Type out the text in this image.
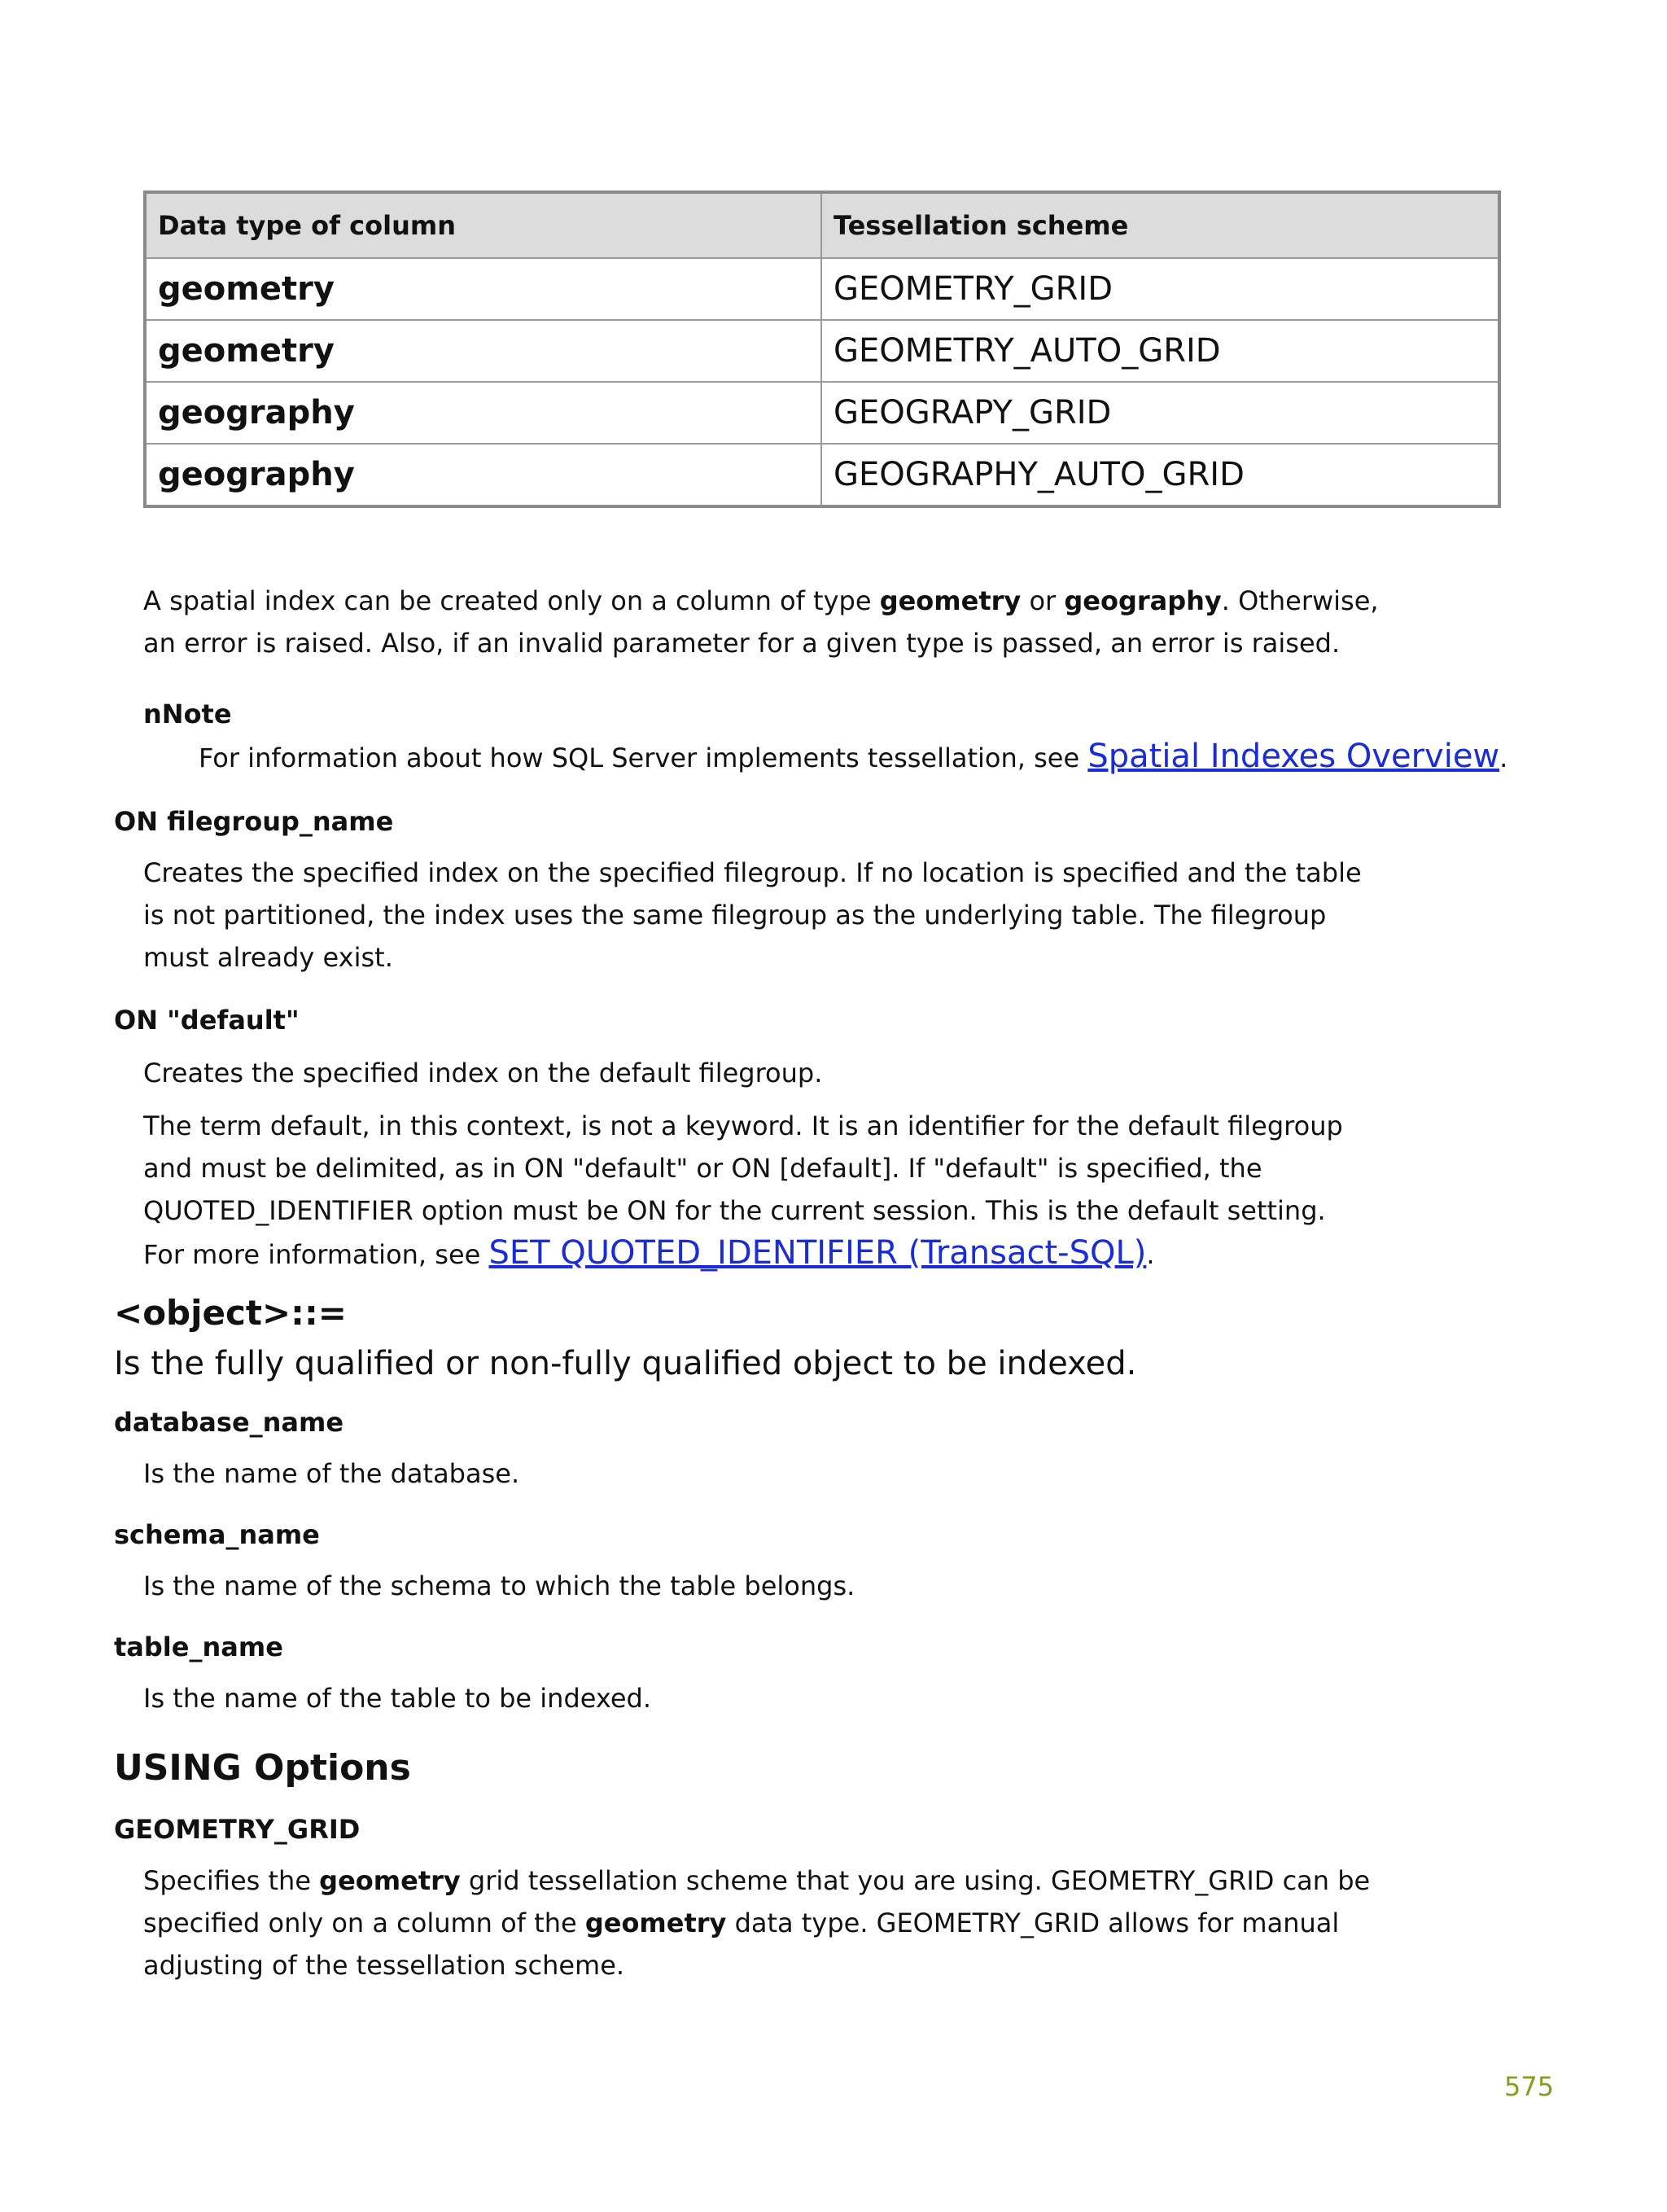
Data type of column	Tessellation scheme
geometry	GEOMETRY_GRID
geometry	GEOMETRY_AUTO_GRID
geography	GEOGRAPY_GRID
geography	GEOGRAPHY_AUTO_GRID
A spatial index can be created only on a column of type geometry or geography. Otherwise,
an error is raised. Also, if an invalid parameter for a given type is passed, an error is raised.
nNote
For information about how SQL Server implements tessellation, see Spatial Indexes Overview.
ON filegroup_name
Creates the specified index on the specified filegroup. If no location is specified and the table
is not partitioned, the index uses the same filegroup as the underlying table. The filegroup
must already exist.
ON "default"
Creates the specified index on the default filegroup.
The term default, in this context, is not a keyword. It is an identifier for the default filegroup
and must be delimited, as in ON "default" or ON [default]. If "default" is specified, the
QUOTED_IDENTIFIER option must be ON for the current session. This is the default setting.
For more information, see SET QUOTED_IDENTIFIER (Transact-SQL).
<object>::=
Is the fully qualified or non-fully qualified object to be indexed.
database_name
Is the name of the database.
schema_name
Is the name of the schema to which the table belongs.
table_name
Is the name of the table to be indexed.
USING Options
GEOMETRY_GRID
Specifies the geometry grid tessellation scheme that you are using. GEOMETRY_GRID can be
specified only on a column of the geometry data type. GEOMETRY_GRID allows for manual
adjusting of the tessellation scheme.
575
